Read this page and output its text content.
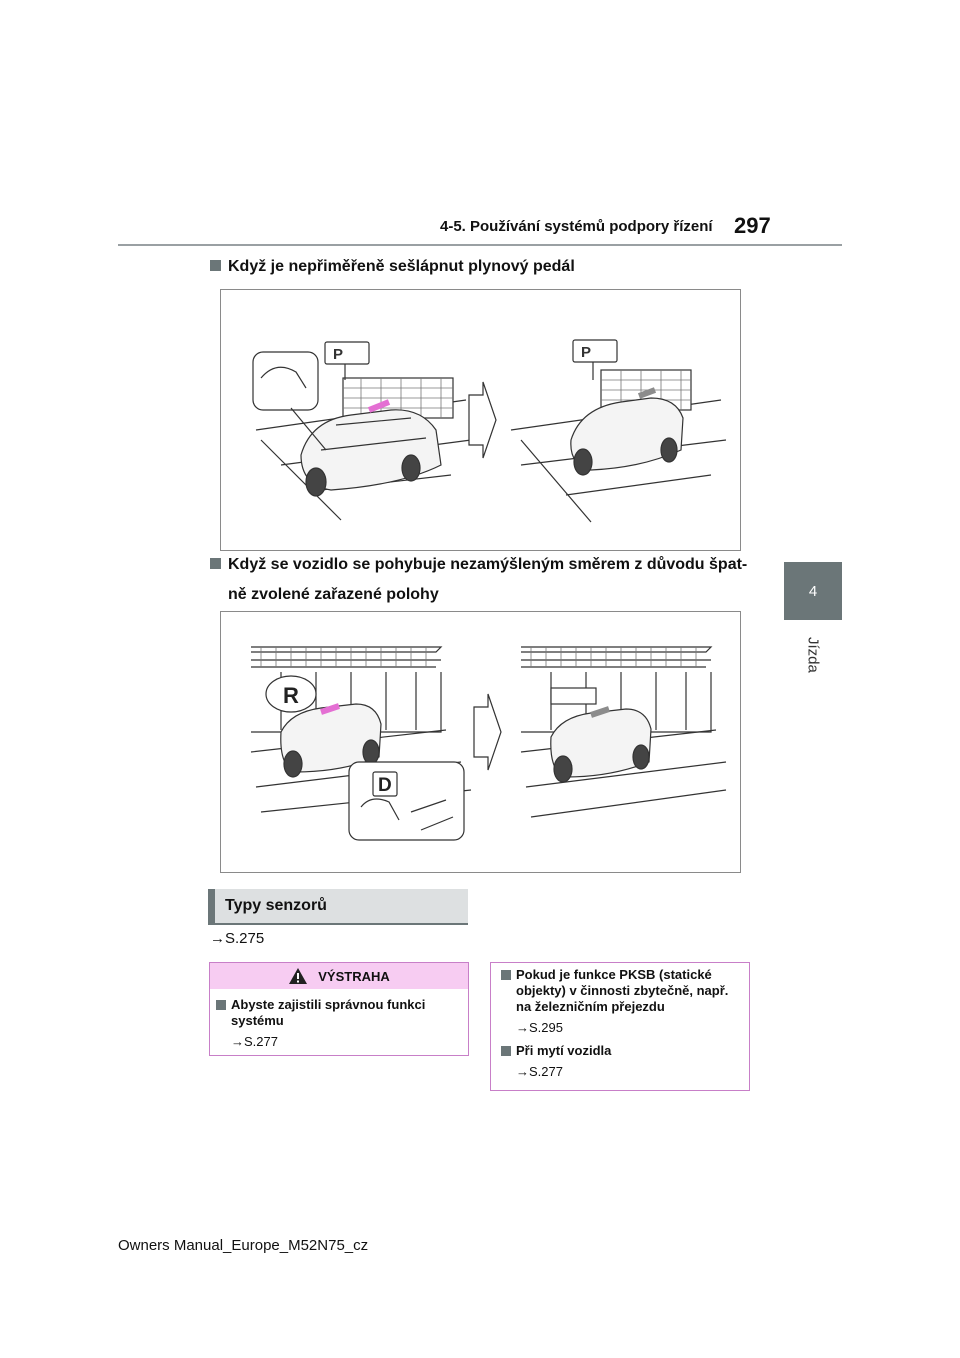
4-5. Používání systémů podpory řízení 297
4
Jízda
Když je nepřiměřeně sešlápnut plynový pedál
P	P
Když se vozidlo se pohybuje nezamýšleným směrem z důvodu špat-
ně zvolené zařazené polohy
R
D
Typy senzorů
→S.275
VÝSTRAHA
Abyste zajistili správnou funkci systému
→S.277
Pokud je funkce PKSB (statické objekty) v činnosti zbytečně, např. na železničním přejezdu
→S.295
Při mytí vozidla
→S.277
Owners Manual_Europe_M52N75_cz
